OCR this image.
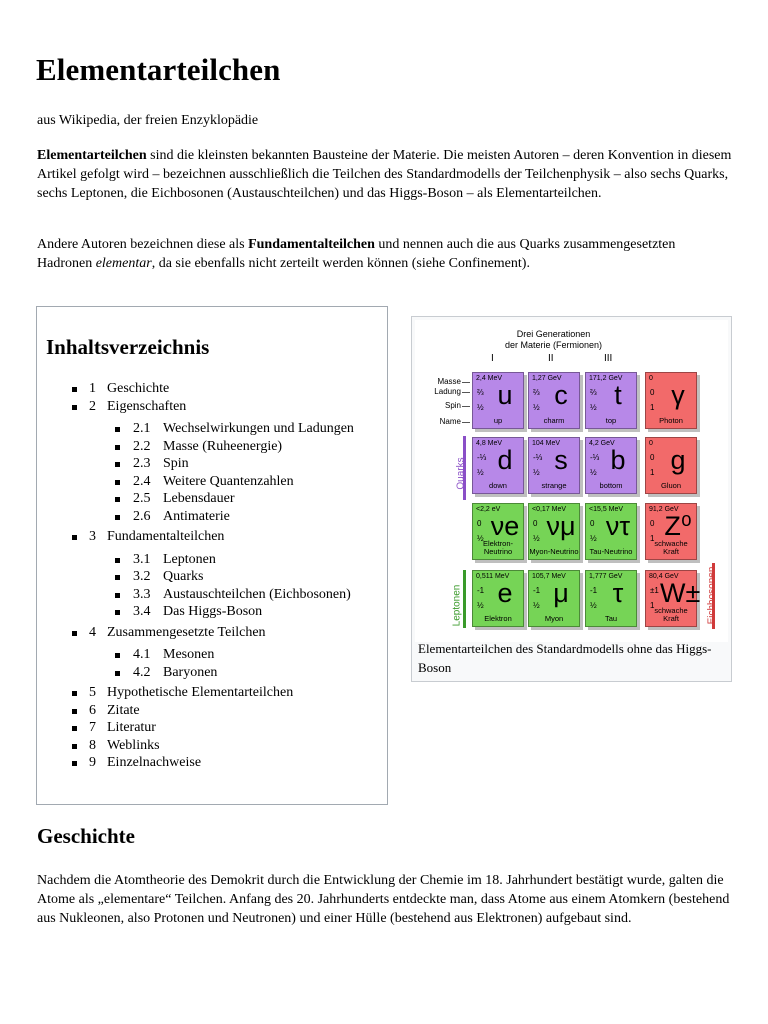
Elementarteilchen

aus Wikipedia, der freien Enzyklopädie

Elementarteilchen sind die kleinsten bekannten Bausteine der Materie. Die meisten Autoren – deren Konvention in diesem Artikel gefolgt wird – bezeichnen ausschließlich die Teilchen des Standardmodells der Teilchenphysik – also sechs Quarks, sechs Leptonen, die Eichbosonen (Austauschteilchen) und das Higgs-Boson – als Elementarteilchen.

Andere Autoren bezeichnen diese als Fundamentalteilchen und nennen auch die aus Quarks zusammengesetzten Hadronen elementar, da sie ebenfalls nicht zerteilt werden können (siehe Confinement).

Inhaltsverzeichnis

1 Geschichte
2 Eigenschaften
2.1 Wechselwirkungen und Ladungen
2.2 Masse (Ruheenergie)
2.3 Spin
2.4 Weitere Quantenzahlen
2.5 Lebensdauer
2.6 Antimaterie
3 Fundamentalteilchen
3.1 Leptonen
3.2 Quarks
3.3 Austauschteilchen (Eichbosonen)
3.4 Das Higgs-Boson
4 Zusammengesetzte Teilchen
4.1 Mesonen
4.2 Baryonen
5 Hypothetische Elementarteilchen
6 Zitate
7 Literatur
8 Weblinks
9 Einzelnachweise
Drei Generationen
der Materie (Fermionen)
I	II	III
Masse
Ladung
Spin
Name
Quarks
Leptonen	Eichbosonen
2,4 MeV
⅔
½ u
up
1,27 GeV
⅔
½ c
charm
171,2 GeV
⅔
½ t
top
0
0
1 γ
Photon
4,8 MeV
-⅓
½ d
down
104 MeV
-⅓
½ s
strange
4,2 GeV
-⅓
½ b
bottom
0
0
1 g
Gluon
<2,2 eV
0
½ νe
Elektron-Neutrino
<0,17 MeV
0
½ νμ
Myon-Neutrino
<15,5 MeV
0
½ ντ
Tau-Neutrino
91,2 GeV
0
1 Z⁰
schwache Kraft
0,511 MeV
-1
½ e
Elektron
105,7 MeV
-1
½ μ
Myon
1,777 GeV
-1
½ τ
Tau
80,4 GeV
±1
1 W±
schwache Kraft

Elementarteilchen des Standardmodells ohne das Higgs-Boson

Geschichte

Nachdem die Atomtheorie des Demokrit durch die Entwicklung der Chemie im 18. Jahrhundert bestätigt wurde, galten die Atome als „elementare“ Teilchen. Anfang des 20. Jahrhunderts entdeckte man, dass Atome aus einem Atomkern (bestehend aus Nukleonen, also Protonen und Neutronen) und einer Hülle (bestehend aus Elektronen) aufgebaut sind.
